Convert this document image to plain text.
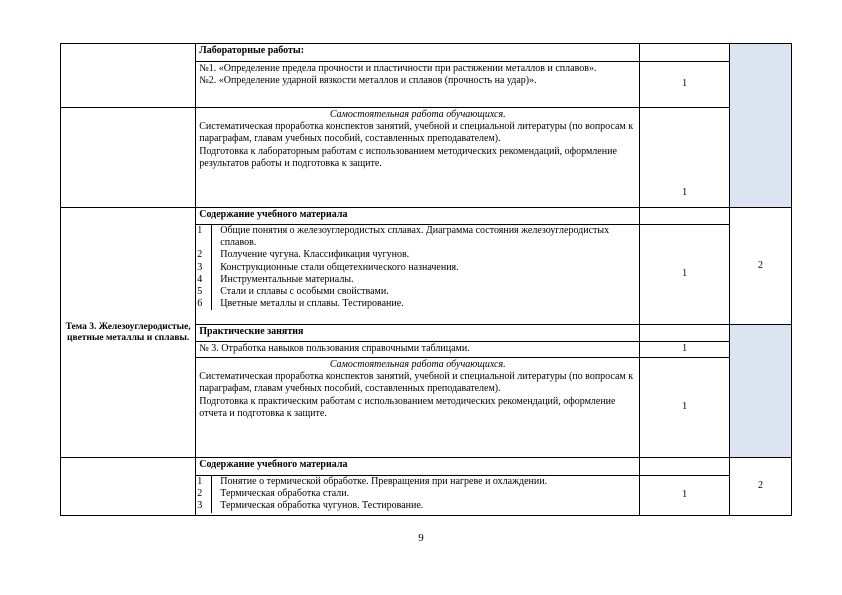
	Лабораторные работы:		

№1. «Определение предела прочности и пластичности при растяжении металлов и сплавов».
№2. «Определение ударной вязкости металлов и сплавов (прочность на удар)».	1

Самостоятельная работа обучающихся.
Систематическая проработка конспектов занятий, учебной и специальной литературы (по вопросам к параграфам, главам учебных пособий, составленных преподавателем).
Подготовка к лабораторным работам с использованием методических рекомендаций, оформление результатов работы и подготовка к защите.
	1
Тема 3. Железоуглеродистые, цветные металлы и сплавы.	Содержание учебного материала		2

1	Общие понятия о железоуглеродистых сплавах. Диаграмма состояния железоуглеродистых сплавов.
2	Получение чугуна. Классификация чугунов.
3	Конструкционные стали общетехнического назначения.
4	Инструментальные материалы.
5	Стали и сплавы с особыми свойствами.
6	Цветные металлы и сплавы. Тестирование.
	1
Практические занятия		
№ 3. Отработка навыков пользования справочными таблицами.	1

Самостоятельная работа обучающихся.
Систематическая проработка конспектов занятий, учебной и специальной литературы (по вопросам к параграфам, главам учебных пособий, составленных преподавателем).
Подготовка к практическим работам с использованием методических рекомендаций, оформление отчета и подготовка к защите.
	1
	Содержание учебного материала		2

1	Понятие о термической обработке. Превращения при нагреве и охлаждении.
2	Термическая обработка стали.
3	Термическая обработка чугунов. Тестирование.
	1
9
